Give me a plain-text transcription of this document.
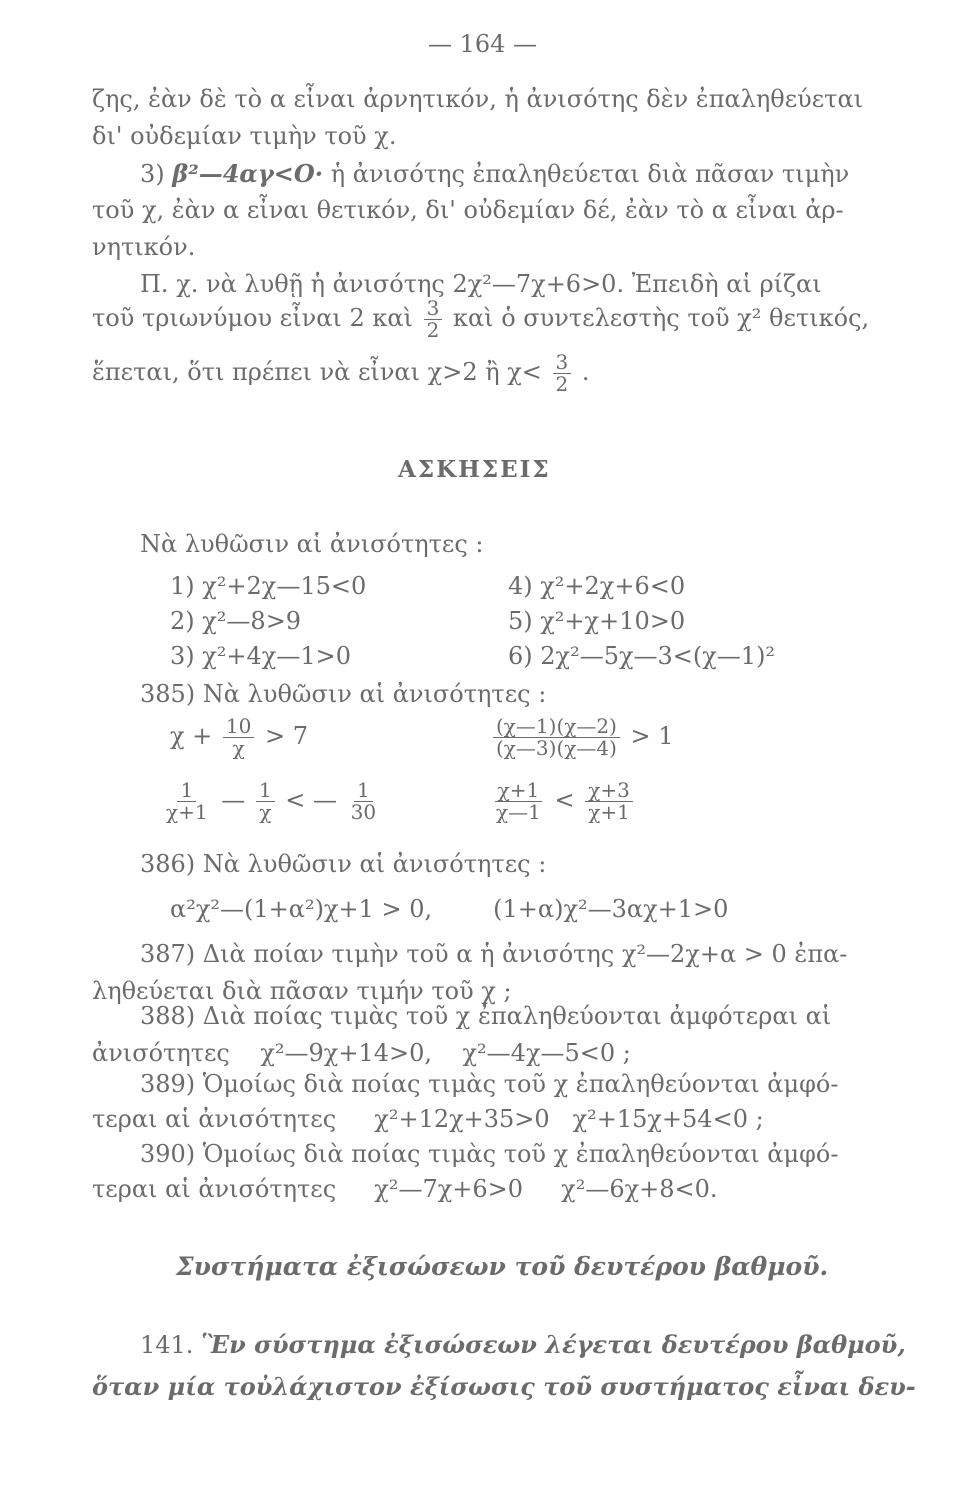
— 164 —
ζης, ἐὰν δὲ τὸ α εἶναι ἀρνητικόν, ἡ ἀνισότης δὲν ἐπαληθεύεται
δι' οὐδεμίαν τιμὴν τοῦ χ.
3) β²—4αγ<Ο· ἡ ἀνισότης ἐπαληθεύεται διὰ πᾶσαν τιμὴν
τοῦ χ, ἐὰν α εἶναι θετικόν, δι' οὐδεμίαν δέ, ἐὰν τὸ α εἶναι ἀρ-
νητικόν.
Π. χ. νὰ λυθῇ ἡ ἀνισότης 2χ²—7χ+6>0. Ἐπειδὴ αἱ ρίζαι
τοῦ τριωνύμου εἶναι 2 καὶ $\frac{3}{2}$ καὶ ὁ συντελεστὴς τοῦ χ² θετικός,
ἕπεται, ὅτι πρέπει νὰ εἶναι χ>2 ἢ $\chi< \frac{3}{2}$ .
ΑΣΚΗΣΕΙΣ
Νὰ λυθῶσιν αἱ ἀνισότητες :
1) χ²+2χ—15<0
2) χ²—8>9
3) χ²+4χ—1>0
4) χ²+2χ+6<0
5) χ²+χ+10>0
6) 2χ²—5χ—3<(χ—1)²
385) Νὰ λυθῶσιν αἱ ἀνισότητες :
$\chi + \frac{10}{\chi} > 7$	$\frac{(\chi—1)(\chi—2)}{(\chi—3)(\chi—4)} > 1$
$\frac{1}{\chi+1}$ — $\frac{1}{\chi}$ < — $\frac{1}{30}$	$\frac{\chi+1}{\chi—1} < \frac{\chi+3}{\chi+1}$
386) Νὰ λυθῶσιν αἱ ἀνισότητες :
α²χ²—(1+α²)χ+1 > 0,        (1+α)χ²—3αχ+1>0
387) Διὰ ποίαν τιμὴν τοῦ α ἡ ἀνισότης χ²—2χ+α > 0 ἐπα-
ληθεύεται διὰ πᾶσαν τιμήν τοῦ χ ;
388) Διὰ ποίας τιμὰς τοῦ χ ἐπαληθεύονται ἀμφότεραι αἱ
ἀνισότητες    χ²—9χ+14>0,    χ²—4χ—5<0 ;
389) Ὁμοίως διὰ ποίας τιμὰς τοῦ χ ἐπαληθεύονται ἀμφό-
τεραι αἱ ἀνισότητες     χ²+12χ+35>0   χ²+15χ+54<0 ;
390) Ὁμοίως διὰ ποίας τιμὰς τοῦ χ ἐπαληθεύονται ἀμφό-
τεραι αἱ ἀνισότητες     χ²—7χ+6>0     χ²—6χ+8<0.
Συστήματα ἐξισώσεων τοῦ δευτέρου βαθμοῦ.
141. Ἓν σύστημα ἐξισώσεων λέγεται δευτέρου βαθμοῦ,
ὅταν μία τοὐλάχιστον ἐξίσωσις τοῦ συστήματος εἶναι δευ-
